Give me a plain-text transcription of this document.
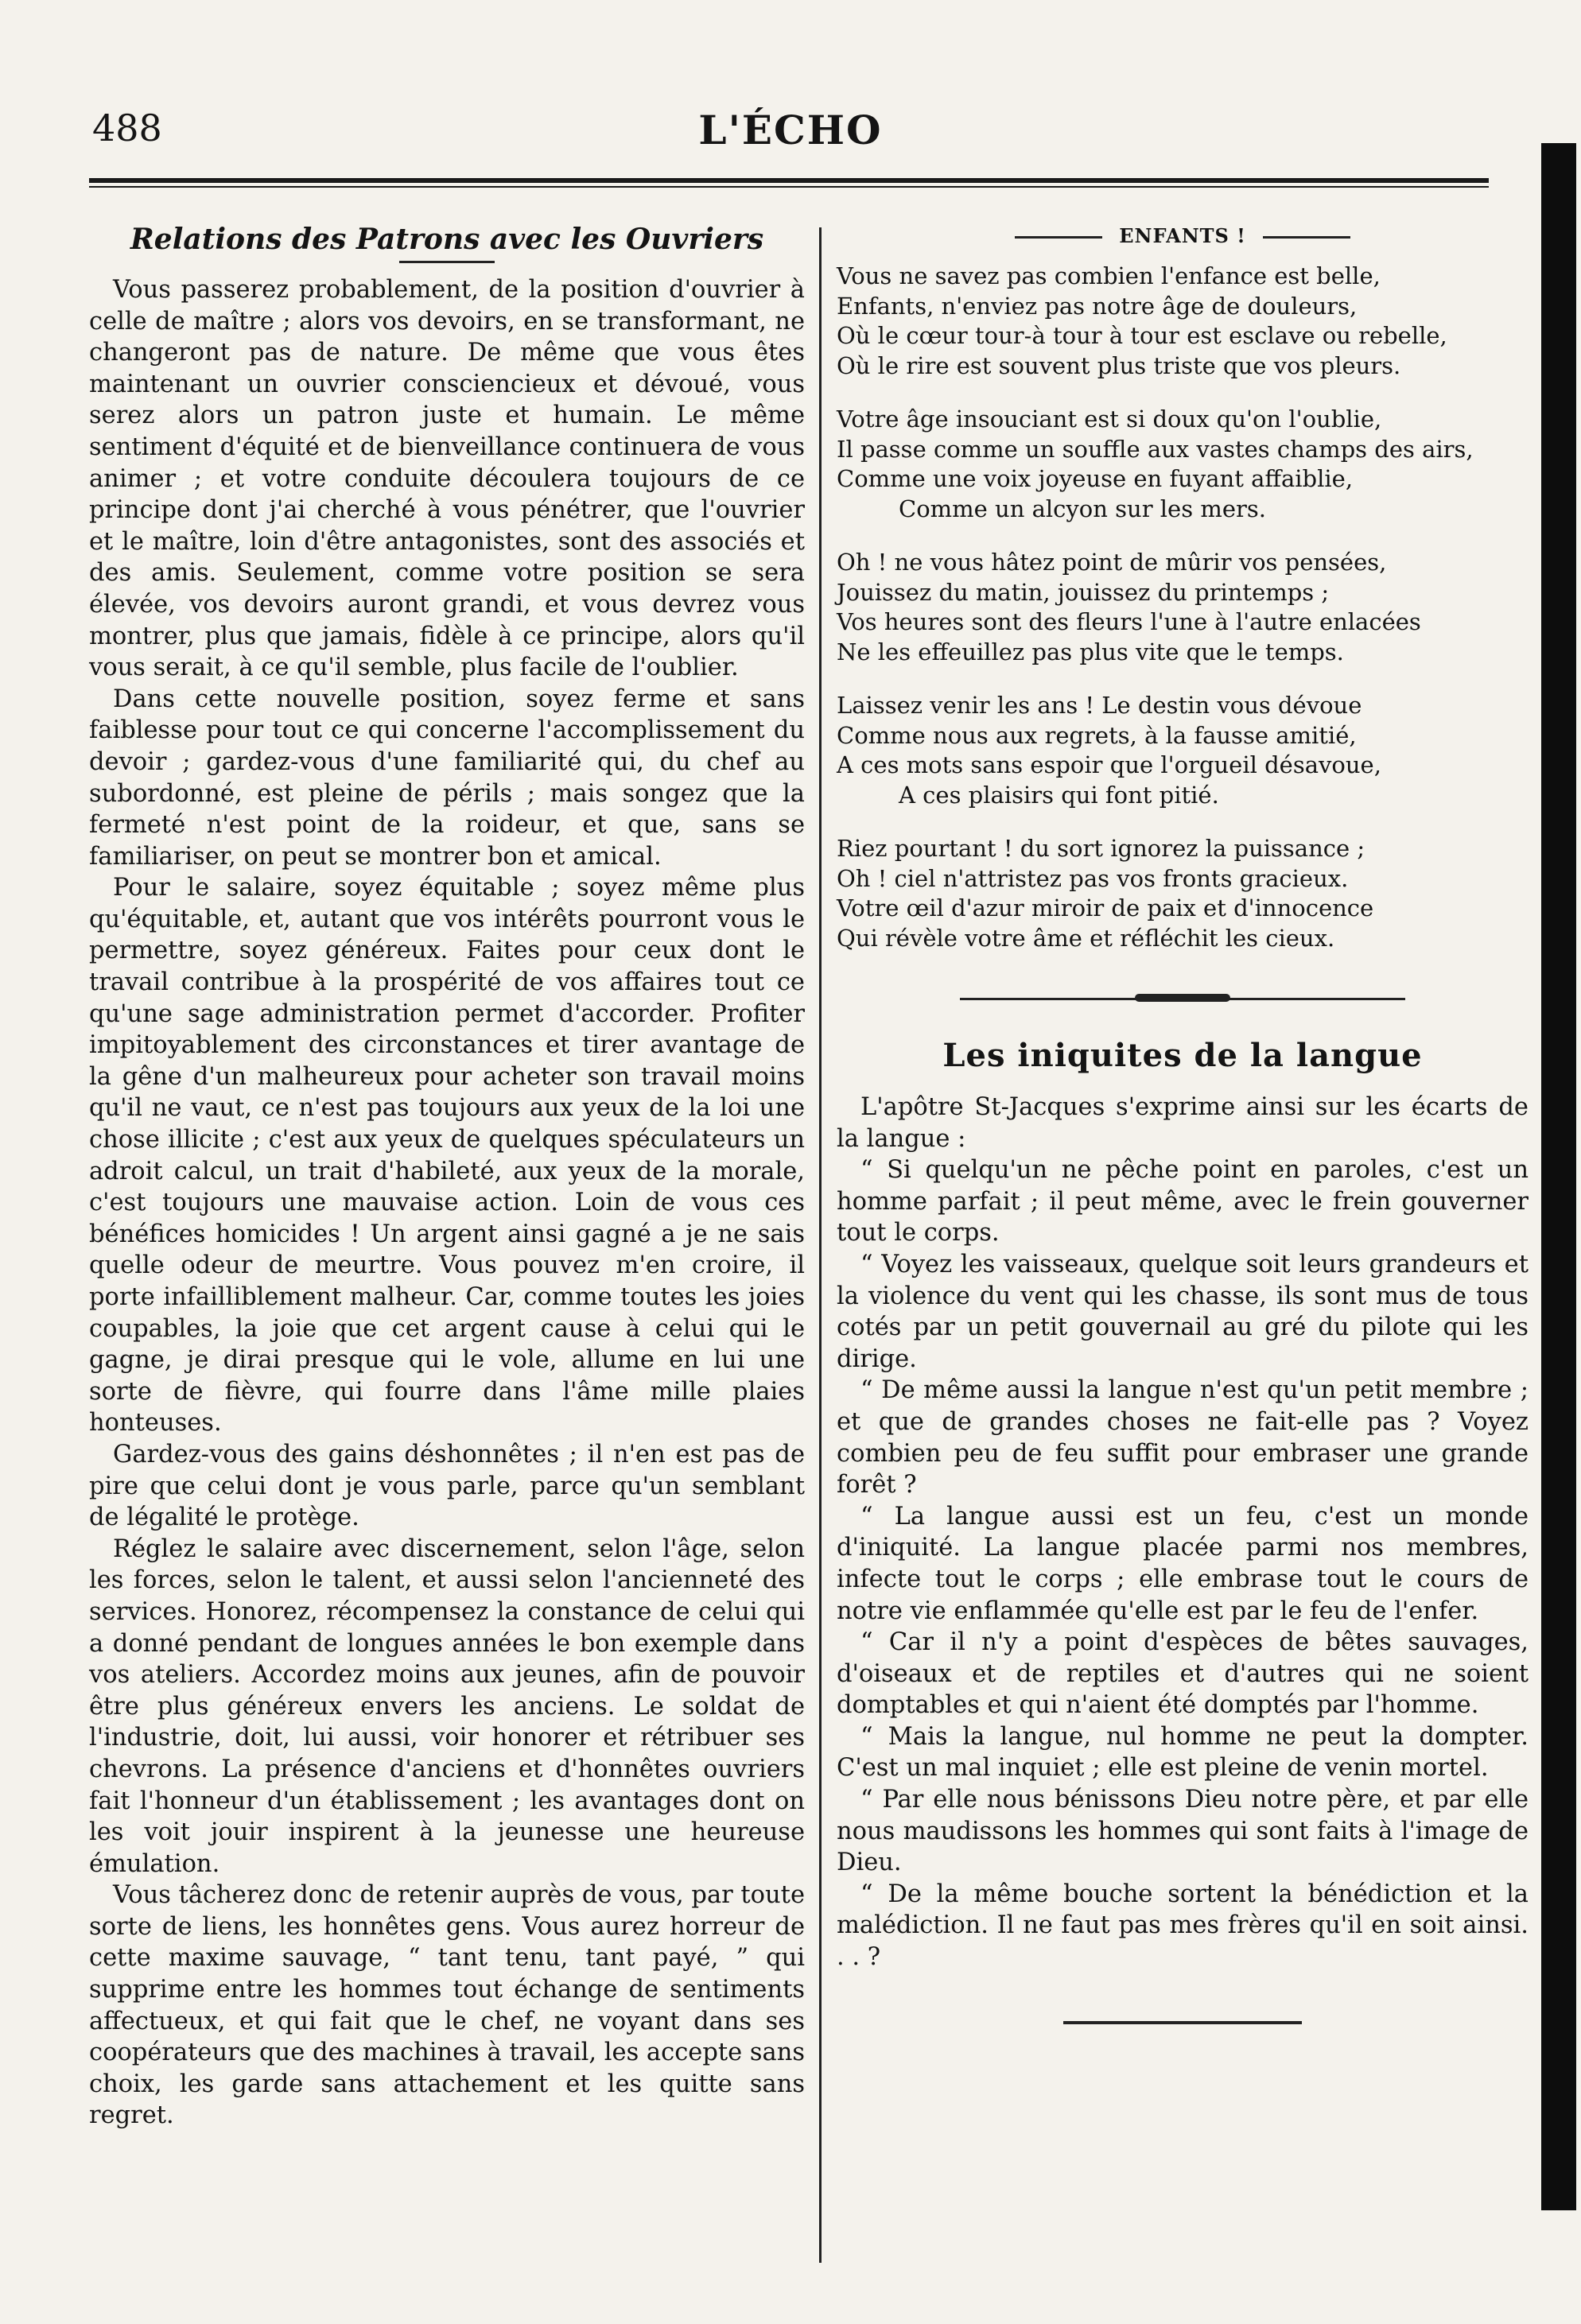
488	L'ÉCHO
Relations des Patrons avec les Ouvriers

Vous passerez probablement, de la position d'ouvrier à celle de maître ; alors vos devoirs, en se transformant, ne changeront pas de nature. De même que vous êtes maintenant un ouvrier consciencieux et dévoué, vous serez alors un patron juste et humain. Le même sentiment d'équité et de bienveillance continuera de vous animer ; et votre conduite découlera toujours de ce principe dont j'ai cherché à vous pénétrer, que l'ouvrier et le maître, loin d'être antagonistes, sont des associés et des amis. Seulement, comme votre position se sera élevée, vos devoirs auront grandi, et vous devrez vous montrer, plus que jamais, fidèle à ce principe, alors qu'il vous serait, à ce qu'il semble, plus facile de l'oublier.

Dans cette nouvelle position, soyez ferme et sans faiblesse pour tout ce qui concerne l'accomplissement du devoir ; gardez-vous d'une familiarité qui, du chef au subordonné, est pleine de périls ; mais songez que la fermeté n'est point de la roideur, et que, sans se familiariser, on peut se montrer bon et amical.

Pour le salaire, soyez équitable ; soyez même plus qu'équitable, et, autant que vos intérêts pourront vous le permettre, soyez généreux. Faites pour ceux dont le travail contribue à la prospérité de vos affaires tout ce qu'une sage administration permet d'accorder. Profiter impitoyablement des circonstances et tirer avantage de la gêne d'un malheureux pour acheter son travail moins qu'il ne vaut, ce n'est pas toujours aux yeux de la loi une chose illicite ; c'est aux yeux de quelques spéculateurs un adroit calcul, un trait d'habileté, aux yeux de la morale, c'est toujours une mauvaise action. Loin de vous ces bénéfices homicides ! Un argent ainsi gagné a je ne sais quelle odeur de meurtre. Vous pouvez m'en croire, il porte infailliblement malheur. Car, comme toutes les joies coupables, la joie que cet argent cause à celui qui le gagne, je dirai presque qui le vole, allume en lui une sorte de fièvre, qui fourre dans l'âme mille plaies honteuses.

Gardez-vous des gains déshonnêtes ; il n'en est pas de pire que celui dont je vous parle, parce qu'un semblant de légalité le protège.

Réglez le salaire avec discernement, selon l'âge, selon les forces, selon le talent, et aussi selon l'ancienneté des services. Honorez, récompensez la constance de celui qui a donné pendant de longues années le bon exemple dans vos ateliers. Accordez moins aux jeunes, afin de pouvoir être plus généreux envers les anciens. Le soldat de l'industrie, doit, lui aussi, voir honorer et rétribuer ses chevrons. La présence d'anciens et d'honnêtes ouvriers fait l'honneur d'un établissement ; les avantages dont on les voit jouir inspirent à la jeunesse une heureuse émulation.

Vous tâcherez donc de retenir auprès de vous, par toute sorte de liens, les honnêtes gens. Vous aurez horreur de cette maxime sauvage, “ tant tenu, tant payé, ” qui supprime entre les hommes tout échange de sentiments affectueux, et qui fait que le chef, ne voyant dans ses coopérateurs que des machines à travail, les accepte sans choix, les garde sans attachement et les quitte sans regret.

ENFANTS !
Vous ne savez pas combien l'enfance est belle,
Enfants, n'enviez pas notre âge de douleurs,
Où le cœur tour-à tour à tour est esclave ou rebelle,
Où le rire est souvent plus triste que vos pleurs.
Votre âge insouciant est si doux qu'on l'oublie,
Il passe comme un souffle aux vastes champs des airs,
Comme une voix joyeuse en fuyant affaiblie,
Comme un alcyon sur les mers.
Oh ! ne vous hâtez point de mûrir vos pensées,
Jouissez du matin, jouissez du printemps ;
Vos heures sont des fleurs l'une à l'autre enlacées
Ne les effeuillez pas plus vite que le temps.
Laissez venir les ans ! Le destin vous dévoue
Comme nous aux regrets, à la fausse amitié,
A ces mots sans espoir que l'orgueil désavoue,
A ces plaisirs qui font pitié.
Riez pourtant ! du sort ignorez la puissance ;
Oh ! ciel n'attristez pas vos fronts gracieux.
Votre œil d'azur miroir de paix et d'innocence
Qui révèle votre âme et réfléchit les cieux.
Les iniquites de la langue

L'apôtre St-Jacques s'exprime ainsi sur les écarts de la langue :

“ Si quelqu'un ne pêche point en paroles, c'est un homme parfait ; il peut même, avec le frein gouverner tout le corps.

“ Voyez les vaisseaux, quelque soit leurs grandeurs et la violence du vent qui les chasse, ils sont mus de tous cotés par un petit gouvernail au gré du pilote qui les dirige.

“ De même aussi la langue n'est qu'un petit membre ; et que de grandes choses ne fait-elle pas ? Voyez combien peu de feu suffit pour embraser une grande forêt ?

“ La langue aussi est un feu, c'est un monde d'iniquité. La langue placée parmi nos membres, infecte tout le corps ; elle embrase tout le cours de notre vie enflammée qu'elle est par le feu de l'enfer.

“ Car il n'y a point d'espèces de bêtes sauvages, d'oiseaux et de reptiles et d'autres qui ne soient domptables et qui n'aient été domptés par l'homme.

“ Mais la langue, nul homme ne peut la dompter. C'est un mal inquiet ; elle est pleine de venin mortel.

“ Par elle nous bénissons Dieu notre père, et par elle nous maudissons les hommes qui sont faits à l'image de Dieu.

“ De la même bouche sortent la bénédiction et la malédiction. Il ne faut pas mes frères qu'il en soit ainsi. . . ?
